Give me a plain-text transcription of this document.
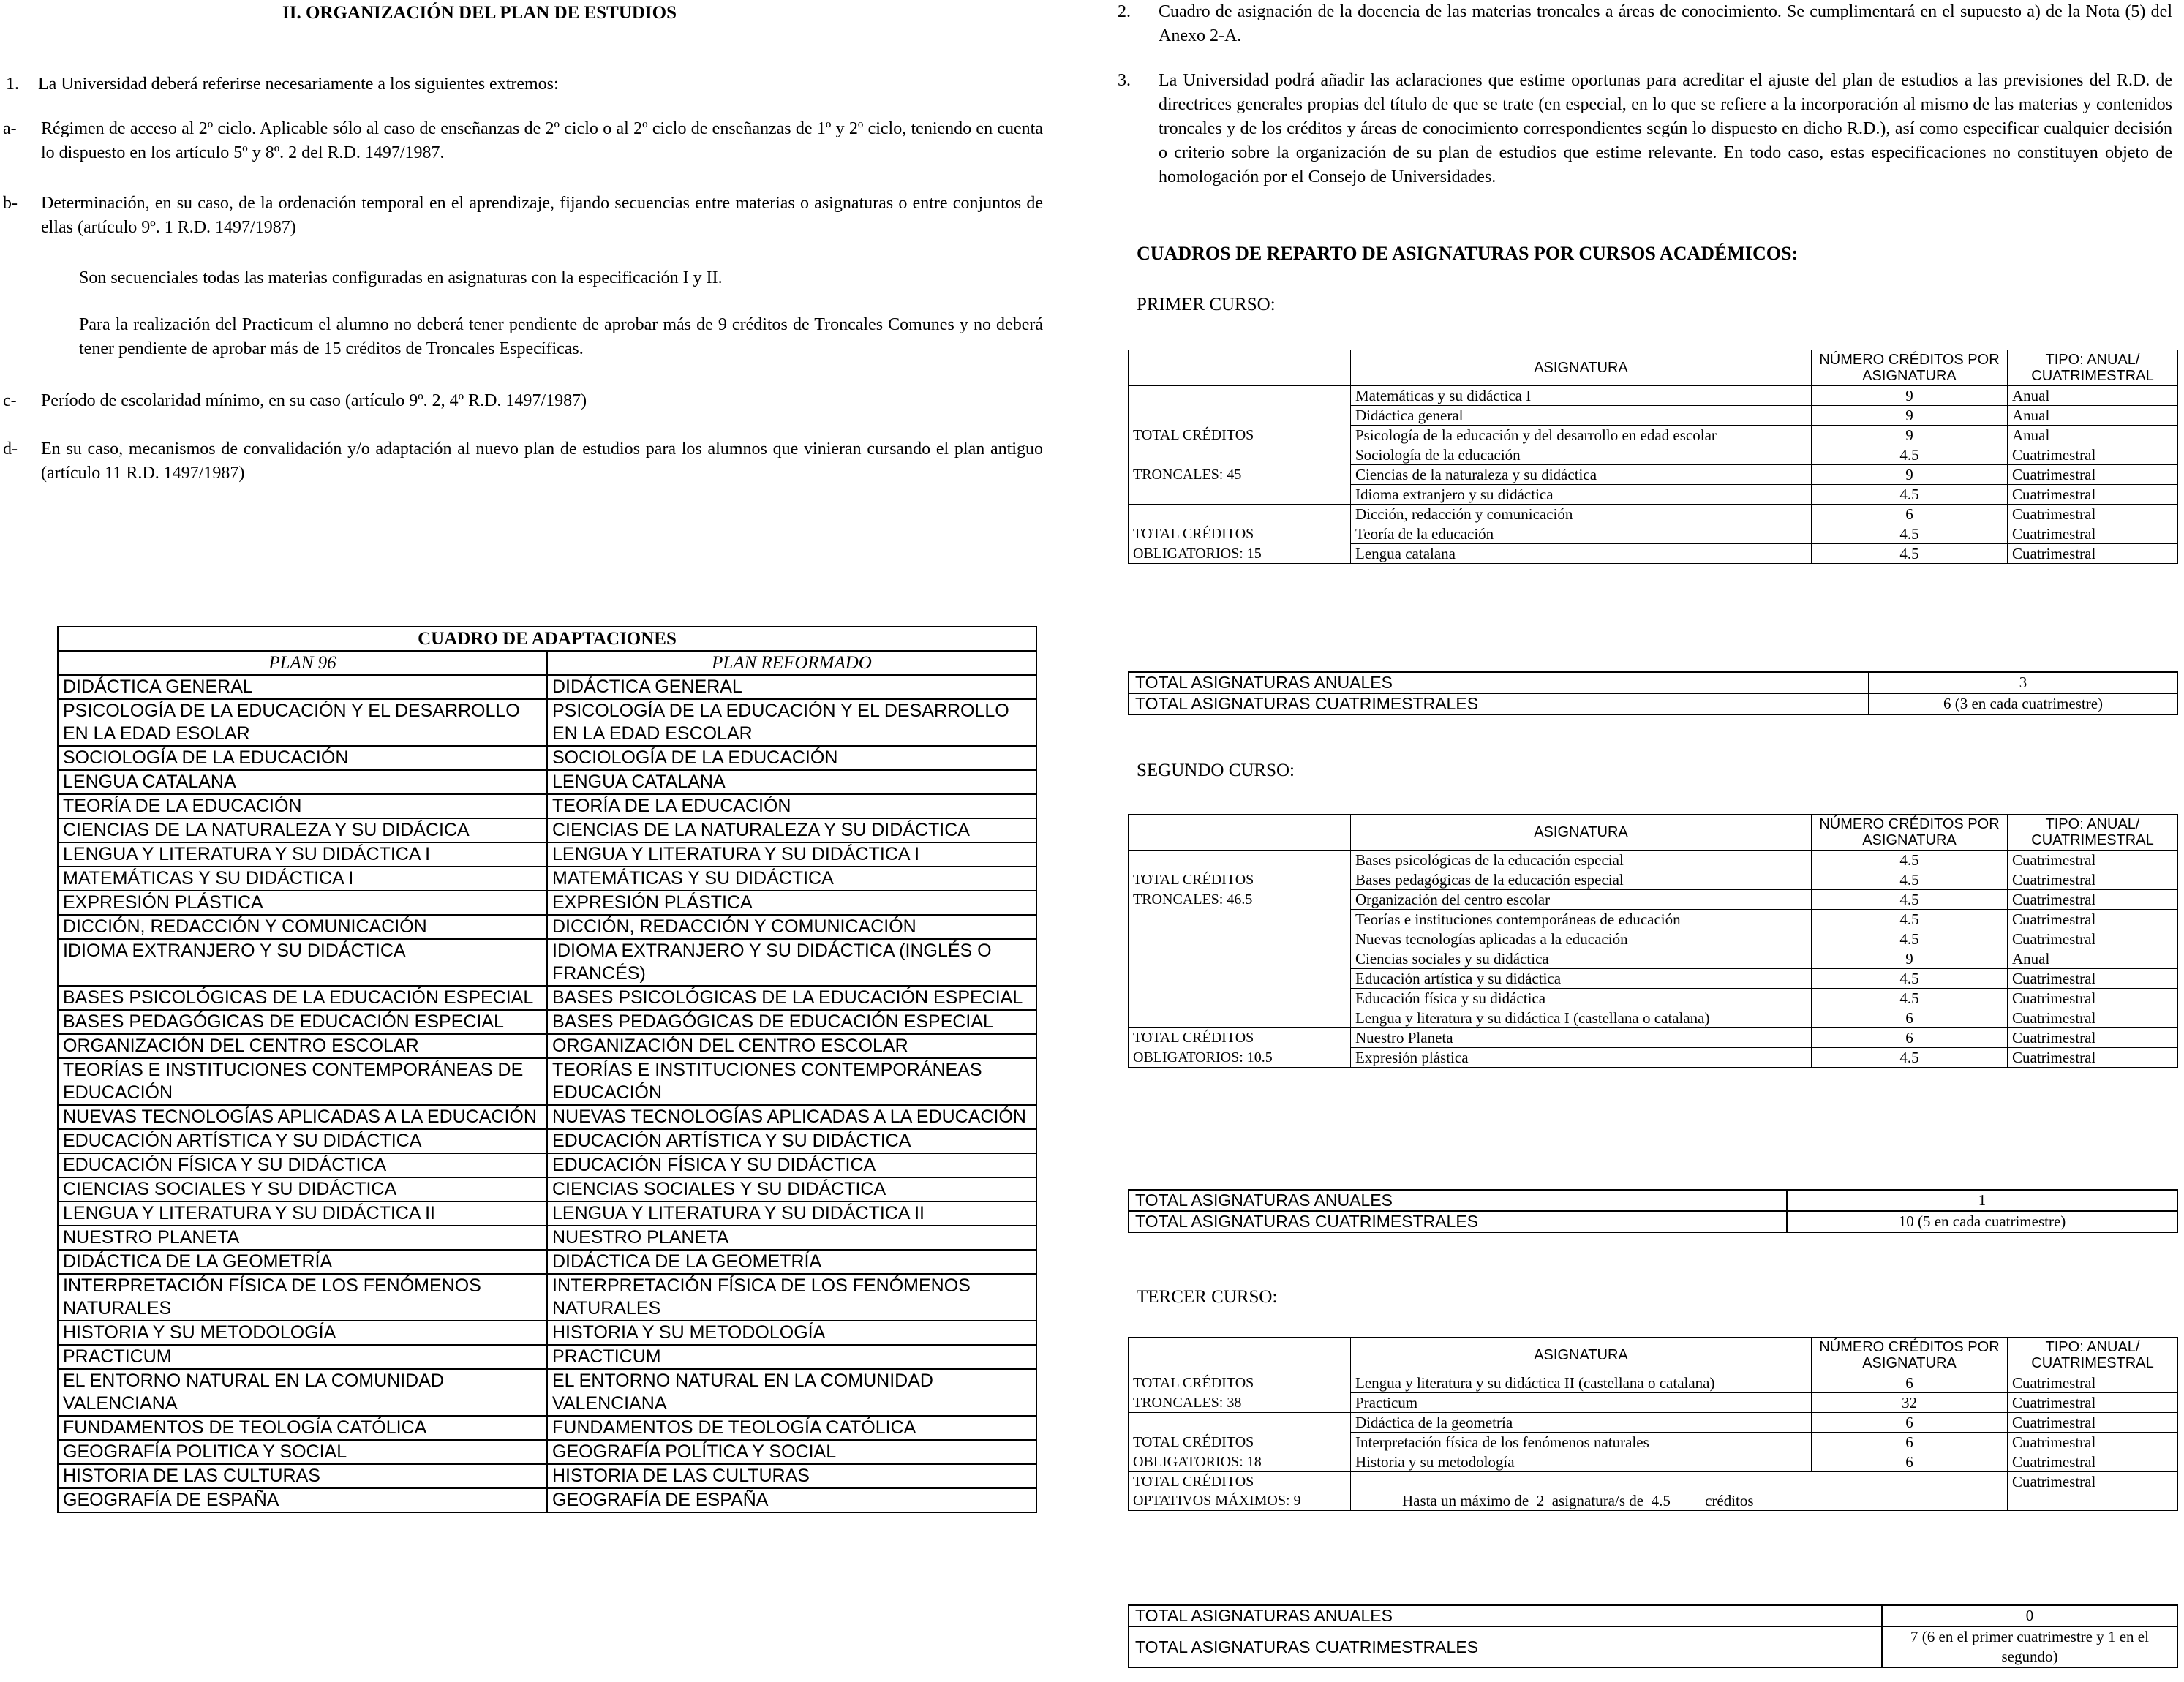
II. ORGANIZACIÓN DEL PLAN DE ESTUDIOS
1. La Universidad deberá referirse necesariamente a los siguientes extremos:
a- Régimen de acceso al 2º ciclo. Aplicable sólo al caso de enseñanzas de 2º ciclo o al 2º ciclo de enseñanzas de 1º y 2º ciclo, teniendo en cuenta lo dispuesto en los artículo 5º y 8º. 2 del R.D. 1497/1987.
b- Determinación, en su caso, de la ordenación temporal en el aprendizaje, fijando secuencias entre materias o asignaturas o entre conjuntos de ellas (artículo 9º. 1 R.D. 1497/1987)
Son secuenciales todas las materias configuradas en asignaturas con la especificación I y II.
Para la realización del Practicum el alumno no deberá tener pendiente de aprobar más de 9 créditos de Troncales Comunes y no deberá tener pendiente de aprobar más de 15 créditos de Troncales Específicas.
c- Período de escolaridad mínimo, en su caso (artículo 9º. 2, 4º R.D. 1497/1987)
d- En su caso, mecanismos de convalidación y/o adaptación al nuevo plan de estudios para los alumnos que vinieran cursando el plan antiguo (artículo 11 R.D. 1497/1987)
CUADRO DE ADAPTACIONES	
PLAN 96	PLAN REFORMADO
DIDÁCTICA GENERAL	DIDÁCTICA GENERAL
PSICOLOGÍA DE LA EDUCACIÓN Y EL DESARROLLO EN LA EDAD ESOLAR	PSICOLOGÍA DE LA EDUCACIÓN Y EL DESARROLLO EN LA EDAD ESCOLAR
SOCIOLOGÍA DE LA EDUCACIÓN	SOCIOLOGÍA DE LA EDUCACIÓN
LENGUA CATALANA	LENGUA CATALANA
TEORÍA DE LA EDUCACIÓN	TEORÍA DE LA EDUCACIÓN
CIENCIAS DE LA NATURALEZA Y SU DIDÁCICA	CIENCIAS DE LA NATURALEZA Y SU DIDÁCTICA
LENGUA Y LITERATURA Y SU DIDÁCTICA I	LENGUA Y LITERATURA Y SU DIDÁCTICA I
MATEMÁTICAS Y SU DIDÁCTICA I	MATEMÁTICAS Y SU DIDÁCTICA
EXPRESIÓN PLÁSTICA	EXPRESIÓN PLÁSTICA
DICCIÓN, REDACCIÓN Y COMUNICACIÓN	DICCIÓN, REDACCIÓN Y COMUNICACIÓN
IDIOMA EXTRANJERO Y SU DIDÁCTICA	IDIOMA EXTRANJERO Y SU DIDÁCTICA (INGLÉS O FRANCÉS)
BASES PSICOLÓGICAS DE LA EDUCACIÓN ESPECIAL	BASES PSICOLÓGICAS DE LA EDUCACIÓN ESPECIAL
BASES PEDAGÓGICAS DE EDUCACIÓN ESPECIAL	BASES PEDAGÓGICAS DE EDUCACIÓN ESPECIAL
ORGANIZACIÓN DEL CENTRO ESCOLAR	ORGANIZACIÓN DEL CENTRO ESCOLAR
TEORÍAS E INSTITUCIONES CONTEMPORÁNEAS DE EDUCACIÓN	TEORÍAS E INSTITUCIONES CONTEMPORÁNEAS EDUCACIÓN
NUEVAS TECNOLOGÍAS APLICADAS A LA EDUCACIÓN	NUEVAS TECNOLOGÍAS APLICADAS A LA EDUCACIÓN
EDUCACIÓN ARTÍSTICA Y SU DIDÁCTICA	EDUCACIÓN ARTÍSTICA Y SU DIDÁCTICA
EDUCACIÓN FÍSICA Y SU DIDÁCTICA	EDUCACIÓN FÍSICA Y SU DIDÁCTICA
CIENCIAS SOCIALES Y SU DIDÁCTICA	CIENCIAS SOCIALES Y SU DIDÁCTICA
LENGUA Y LITERATURA Y SU DIDÁCTICA II	LENGUA Y LITERATURA Y SU DIDÁCTICA II
NUESTRO PLANETA	NUESTRO PLANETA
DIDÁCTICA DE LA GEOMETRÍA	DIDÁCTICA DE LA GEOMETRÍA
INTERPRETACIÓN FÍSICA DE LOS FENÓMENOS NATURALES	INTERPRETACIÓN FÍSICA DE LOS FENÓMENOS NATURALES
HISTORIA Y SU METODOLOGÍA	HISTORIA Y SU METODOLOGÍA
PRACTICUM	PRACTICUM
EL ENTORNO NATURAL EN LA COMUNIDAD VALENCIANA	EL ENTORNO NATURAL EN LA COMUNIDAD VALENCIANA
FUNDAMENTOS DE TEOLOGÍA CATÓLICA	FUNDAMENTOS DE TEOLOGÍA CATÓLICA
GEOGRAFÍA POLITICA Y SOCIAL	GEOGRAFÍA POLÍTICA Y SOCIAL
HISTORIA DE LAS CULTURAS	HISTORIA DE LAS CULTURAS
GEOGRAFÍA DE ESPAÑA	GEOGRAFÍA DE ESPAÑA
2. Cuadro de asignación de la docencia de las materias troncales a áreas de conocimiento. Se cumplimentará en el supuesto a) de la Nota (5) del Anexo 2-A.
3. La Universidad podrá añadir las aclaraciones que estime oportunas para acreditar el ajuste del plan de estudios a las previsiones del R.D. de directrices generales propias del título de que se trate (en especial, en lo que se refiere a la incorporación al mismo de las materias y contenidos troncales y de los créditos y áreas de conocimiento correspondientes según lo dispuesto en dicho R.D.), así como especificar cualquier decisión o criterio sobre la organización de su plan de estudios que estime relevante. En todo caso, estas especificaciones no constituyen objeto de homologación por el Consejo de Universidades.
CUADROS DE REPARTO DE ASIGNATURAS POR CURSOS ACADÉMICOS:
PRIMER CURSO:
	ASIGNATURA	NÚMERO CRÉDITOS POR ASIGNATURA	TIPO: ANUAL/ CUATRIMESTRAL
	Matemáticas y su didáctica I	9	Anual
	Didáctica general	9	Anual
TOTAL CRÉDITOS	Psicología de la educación y del desarrollo en edad escolar	9	Anual
	Sociología de la educación	4.5	Cuatrimestral
TRONCALES: 45	Ciencias de la naturaleza y su didáctica	9	Cuatrimestral
	Idioma extranjero y su didáctica	4.5	Cuatrimestral
	Dicción, redacción y comunicación	6	Cuatrimestral
TOTAL CRÉDITOS	Teoría de la educación	4.5	Cuatrimestral
OBLIGATORIOS: 15	Lengua catalana	4.5	Cuatrimestral
TOTAL ASIGNATURAS ANUALES	3
TOTAL ASIGNATURAS CUATRIMESTRALES	6 (3 en cada cuatrimestre)
SEGUNDO CURSO:
	ASIGNATURA	NÚMERO CRÉDITOS POR ASIGNATURA	TIPO: ANUAL/ CUATRIMESTRAL
	Bases psicológicas de la educación especial	4.5	Cuatrimestral
TOTAL CRÉDITOS	Bases pedagógicas de la educación especial	4.5	Cuatrimestral
TRONCALES: 46.5	Organización del centro escolar	4.5	Cuatrimestral
	Teorías e instituciones contemporáneas de educación	4.5	Cuatrimestral
	Nuevas tecnologías aplicadas a la educación	4.5	Cuatrimestral
	Ciencias sociales y su didáctica	9	Anual
	Educación artística y su didáctica	4.5	Cuatrimestral
	Educación física y su didáctica	4.5	Cuatrimestral
	Lengua y literatura y su didáctica I (castellana o catalana)	6	Cuatrimestral
TOTAL CRÉDITOS	Nuestro Planeta	6	Cuatrimestral
OBLIGATORIOS: 10.5	Expresión plástica	4.5	Cuatrimestral
TOTAL ASIGNATURAS ANUALES	1
TOTAL ASIGNATURAS CUATRIMESTRALES	10 (5 en cada cuatrimestre)
TERCER CURSO:
	ASIGNATURA	NÚMERO CRÉDITOS POR ASIGNATURA	TIPO: ANUAL/ CUATRIMESTRAL
TOTAL CRÉDITOS	Lengua y literatura y su didáctica II (castellana o catalana)	6	Cuatrimestral
TRONCALES: 38	Practicum	32	Cuatrimestral
	Didáctica de la geometría	6	Cuatrimestral
TOTAL CRÉDITOS	Interpretación física de los fenómenos naturales	6	Cuatrimestral
OBLIGATORIOS: 18	Historia y su metodología	6	Cuatrimestral

TOTAL CRÉDITOS
OPTATIVOS MÁXIMOS: 9	Hasta un máximo de  2  asignatura/s de  4.5         créditos		Cuatrimestral
TOTAL ASIGNATURAS ANUALES	0
TOTAL ASIGNATURAS CUATRIMESTRALES	7 (6 en el primer cuatrimestre y 1 en el segundo)
